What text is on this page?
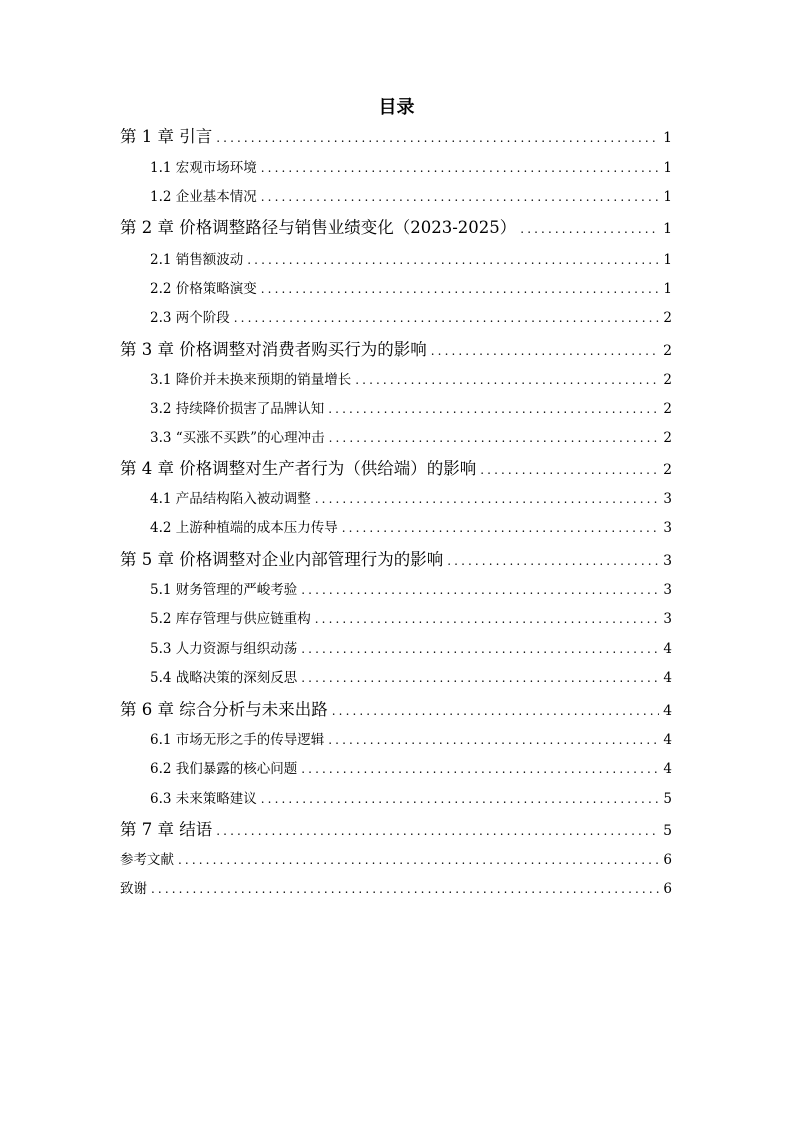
目录
第 1 章 引言 .....	1
1.1 宏观市场环境 .....	1
1.2 企业基本情况 .....	1
第 2 章 价格调整路径与销售业绩变化（2023-2025） .....	1
2.1 销售额波动 .....	1
2.2 价格策略演变 .....	1
2.3 两个阶段 .....	2
第 3 章 价格调整对消费者购买行为的影响 .....	2
3.1 降价并未换来预期的销量增长 .....	2
3.2 持续降价损害了品牌认知 .....	2
3.3 “买涨不买跌”的心理冲击 .....	2
第 4 章 价格调整对生产者行为（供给端）的影响 .....	2
4.1 产品结构陷入被动调整 .....	3
4.2 上游种植端的成本压力传导 .....	3
第 5 章 价格调整对企业内部管理行为的影响 .....	3
5.1 财务管理的严峻考验 .....	3
5.2 库存管理与供应链重构 .....	3
5.3 人力资源与组织动荡 .....	4
5.4 战略决策的深刻反思 .....	4
第 6 章 综合分析与未来出路 .....	4
6.1 市场无形之手的传导逻辑 .....	4
6.2 我们暴露的核心问题 .....	4
6.3 未来策略建议 .....	5
第 7 章 结语 .....	5
参考文献 .....	6
致谢 .....	6
